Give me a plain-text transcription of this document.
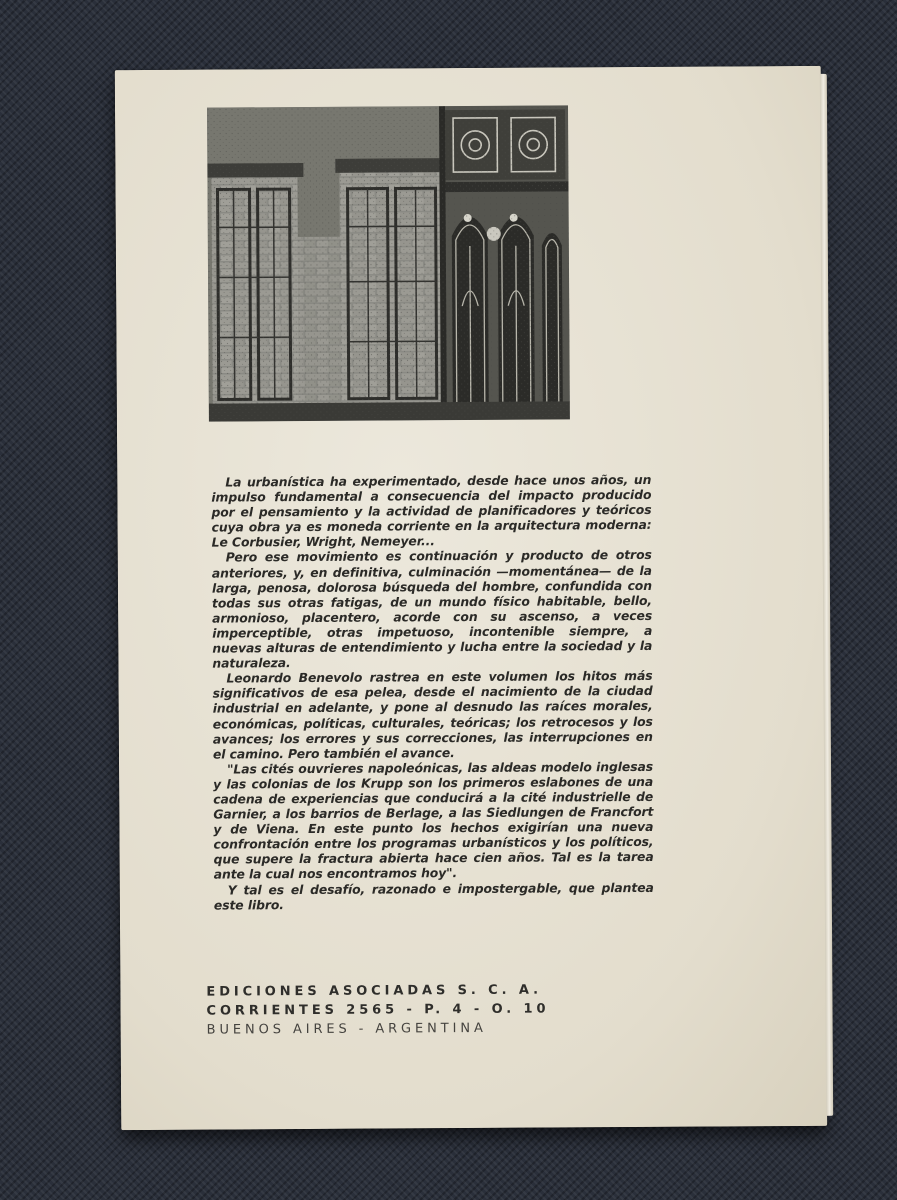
La urbanística ha experimentado, desde hace unos años, un impulso fundamental a consecuencia del impacto producido por el pensamiento y la actividad de planificadores y teóricos cuya obra ya es moneda corriente en la arquitectura moderna: Le Corbusier, Wright, Nemeyer...

Pero ese movimiento es continuación y producto de otros anteriores, y, en definitiva, culminación —momentánea— de la larga, penosa, dolorosa búsqueda del hombre, confundida con todas sus otras fatigas, de un mundo físico habitable, bello, armonioso, placentero, acorde con su ascenso, a veces imperceptible, otras impetuoso, incontenible siempre, a nuevas alturas de entendimiento y lucha entre la sociedad y la naturaleza.

Leonardo Benevolo rastrea en este volumen los hitos más significativos de esa pelea, desde el nacimiento de la ciudad industrial en adelante, y pone al desnudo las raíces morales, económicas, políticas, culturales, teóricas; los retrocesos y los avances; los errores y sus correcciones, las interrupciones en el camino. Pero también el avance.

"Las cités ouvrieres napoleónicas, las aldeas modelo inglesas y las colonias de los Krupp son los primeros eslabones de una cadena de experiencias que conducirá a la cité industrielle de Garnier, a los barrios de Berlage, a las Siedlungen de Francfort y de Viena. En este punto los hechos exigirían una nueva confrontación entre los programas urbanísticos y los políticos, que supere la fractura abierta hace cien años. Tal es la tarea ante la cual nos encontramos hoy".

Y tal es el desafío, razonado e impostergable, que plantea este libro.

EDICIONES ASOCIADAS S. C. A.
CORRIENTES 2565 - P. 4 - O. 10
BUENOS AIRES - ARGENTINA
